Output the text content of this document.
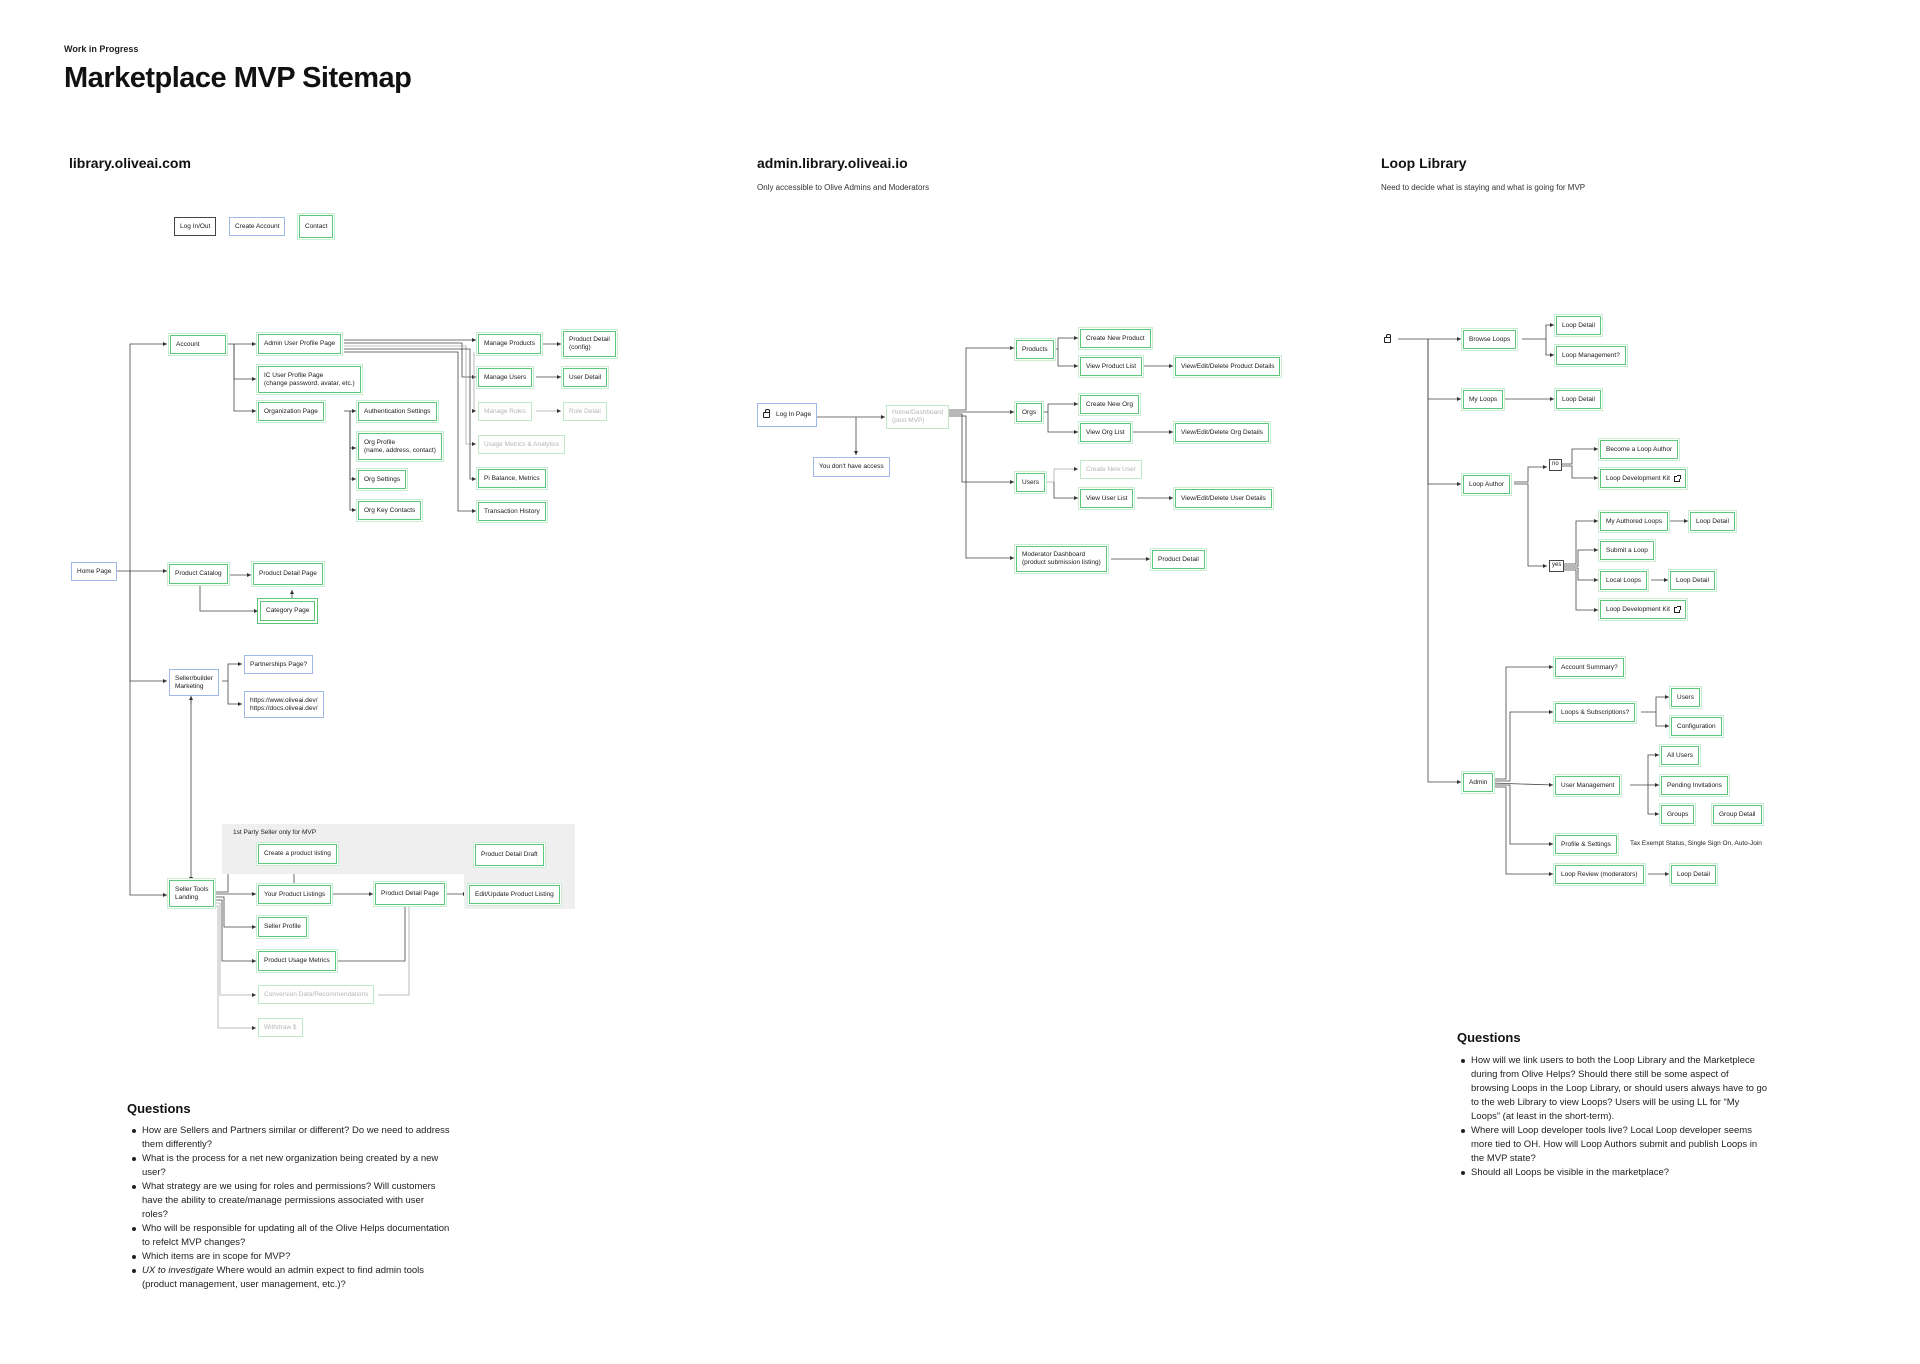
Work in Progress
Marketplace MVP Sitemap
library.oliveai.com
Log In/Out	Create Account	Contact
Home Page
Account	Admin User Profile Page
IC User Profile Page
(change password, avatar, etc.)
Organization Page	Authentication Settings
Org Profile
(name, address, contact)
Org Settings
Org Key Contacts
Manage Products
Product Detail
(config)
Manage Users	User Detail
Manage Roles	Role Detail
Usage Metrics & Analytics
Pi Balance, Metrics
Transaction History
Product Catalog	Product Detail Page
Category Page
Seller/builder
Marketing
Partnerships Page?
https://www.oliveai.dev/
https://docs.oliveai.dev/
1st Party Seller only for MVP
Create a product listing	Product Detail Draft
Seller Tools
Landing	Your Product Listings	Product Detail Page	Edit/Update Product Listing
Seller Profile
Product Usage Metrics
Conversion Data/Recommendations
Withdraw $
Questions
How are Sellers and Partners similar or different? Do we need to address them differently?
What is the process for a net new organization being created by a new user?
What strategy are we using for roles and permissions? Will customers have the ability to create/manage permissions associated with user roles?
Who will be responsible for updating all of the Olive Helps documentation to refelct MVP changes?
Which items are in scope for MVP?
UX to investigate Where would an admin expect to find admin tools (product management, user management, etc.)?
admin.library.oliveai.io
Only accessible to Olive Admins and Moderators
Log In Page
You don't have access
Home/Dashboard
(post MVP)
Products
Create New Product
View Product List	View/Edit/Delete Product Details
Orgs
Create New Org
View Org List	View/Edit/Delete Org Details
Users
Create New User
View User List	View/Edit/Delete User Details
Moderator Dashboard
(product submission listing)	Product Detail
Loop Library
Need to decide what is staying and what is going for MVP
Browse Loops
Loop Detail
Loop Management?
My Loops	Loop Detail
Loop Author
no
yes
Become a Loop Author
Loop Development Kit
My Authored Loops	Loop Detail
Submit a Loop
Local Loops	Loop Detail
Loop Development Kit
Admin
Account Summary?
Loops & Subscriptions?
Users
Configuration
User Management
All Users
Pending Invitations
Groups	Group Detail
Profile & Settings	Tax Exempt Status, Single Sign On, Auto-Join
Loop Review (moderators)	Loop Detail
Questions
How will we link users to both the Loop Library and the Marketplece during from Olive Helps? Should there still be some aspect of browsing Loops in the Loop Library, or should users always have to go to the web Library to view Loops? Users will be using LL for “My Loops” (at least in the short-term).
Where will Loop developer tools live? Local Loop developer seems more tied to OH. How will Loop Authors submit and publish Loops in the MVP state?
Should all Loops be visible in the marketplace?
